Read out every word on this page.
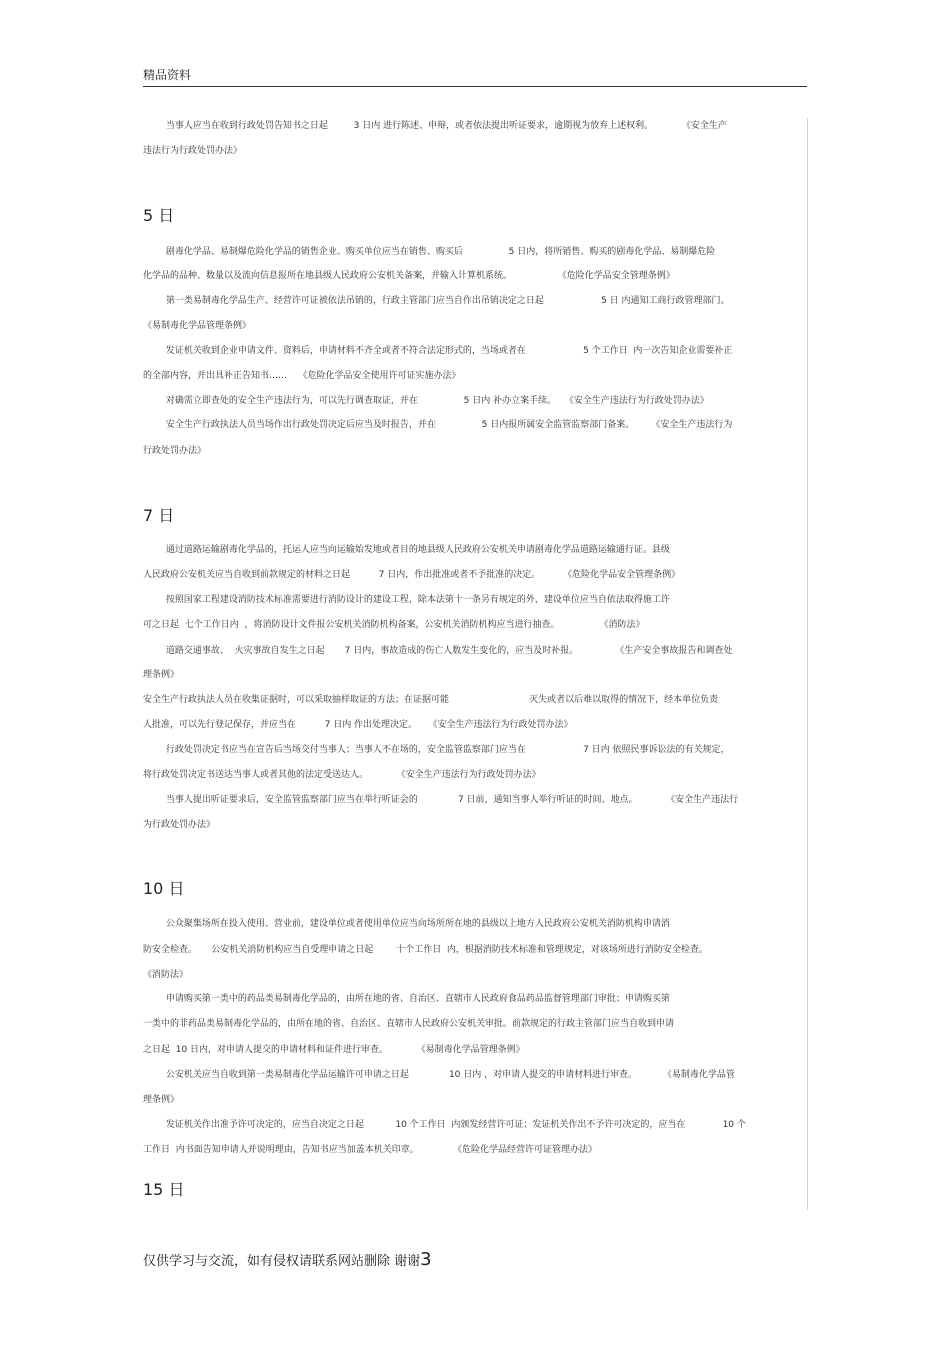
精品资料
当事人应当在收到行政处罚告知书之日起         3 日内 进行陈述、申辩，或者依法提出听证要求，逾期视为放弃上述权利。          《安全生产
违法行为行政处罚办法》
5 日
剧毒化学品、易制爆危险化学品的销售企业、购买单位应当在销售、购买后                5 日内，将所销售、购买的剧毒化学品、易制爆危险
化学品的品种、数量以及流向信息报所在地县级人民政府公安机关备案，并输入计算机系统。                《危险化学品安全管理条例》
第一类易制毒化学品生产、经营许可证被依法吊销的，行政主管部门应当自作出吊销决定之日起                    5 日 内通知工商行政管理部门。
《易制毒化学品管理条例》
发证机关收到企业申请文件、资料后，申请材料不齐全或者不符合法定形式的，当场或者在                    5 个工作日  内一次告知企业需要补正
的全部内容，并出具补正告知书……    《危险化学品安全使用许可证实施办法》
对确需立即查处的安全生产违法行为，可以先行调查取证，并在                5 日内 补办立案手续。   《安全生产违法行为行政处罚办法》
安全生产行政执法人员当场作出行政处罚决定后应当及时报告，并在                5 日内报所属安全监管监察部门备案。      《安全生产违法行为
行政处罚办法》
7 日
通过道路运输剧毒化学品的，托运人应当向运输始发地或者目的地县级人民政府公安机关申请剧毒化学品道路运输通行证。县级
人民政府公安机关应当自收到前款规定的材料之日起          7 日内，作出批准或者不予批准的决定。        《危险化学品安全管理条例》
按照国家工程建设消防技术标准需要进行消防设计的建设工程，除本法第十一条另有规定的外，建设单位应当自依法取得施工许
可之日起  七个工作日内  ，将消防设计文件报公安机关消防机构备案，公安机关消防机构应当进行抽查。              《消防法》
道路交通事故、  火灾事故自发生之日起       7 日内，事故造成的伤亡人数发生变化的，应当及时补报。             《生产安全事故报告和调查处
理条例》
安全生产行政执法人员在收集证据时，可以采取抽样取证的方法；在证据可能                            灭失或者以后难以取得的情况下，经本单位负责
人批准，可以先行登记保存，并应当在          7 日内 作出处理决定。    《安全生产违法行为行政处罚办法》
行政处罚决定书应当在宣告后当场交付当事人；当事人不在场的，安全监管监察部门应当在                    7 日内 依照民事诉讼法的有关规定，
将行政处罚决定书送达当事人或者其他的法定受送达人。          《安全生产违法行为行政处罚办法》
当事人提出听证要求后，安全监管监察部门应当在举行听证会的              7 日前，通知当事人举行听证的时间、地点。          《安全生产违法行
为行政处罚办法》
10 日
公众聚集场所在投入使用、营业前，建设单位或者使用单位应当向场所所在地的县级以上地方人民政府公安机关消防机构申请消
防安全检查。     公安机关消防机构应当自受理申请之日起        十个工作日  内，根据消防技术标准和管理规定，对该场所进行消防安全检查。
《消防法》
申请购买第一类中的药品类易制毒化学品的，由所在地的省、自治区、直辖市人民政府食品药品监督管理部门审批；申请购买第
一类中的非药品类易制毒化学品的，由所在地的省、自治区、直辖市人民政府公安机关审批。前款规定的行政主管部门应当自收到申请
之日起  10 日内，对申请人提交的申请材料和证件进行审查。          《易制毒化学品管理条例》
公安机关应当自收到第一类易制毒化学品运输许可申请之日起              10 日内 ，对申请人提交的申请材料进行审查。         《易制毒化学品管
理条例》
发证机关作出准予许可决定的，应当自决定之日起           10 个工作日  内颁发经营许可证；发证机关作出不予许可决定的，应当在             10 个
工作日  内书面告知申请人并说明理由，告知书应当加盖本机关印章。            《危险化学品经营许可证管理办法》
15 日
仅供学习与交流，如有侵权请联系网站删除 谢谢3
